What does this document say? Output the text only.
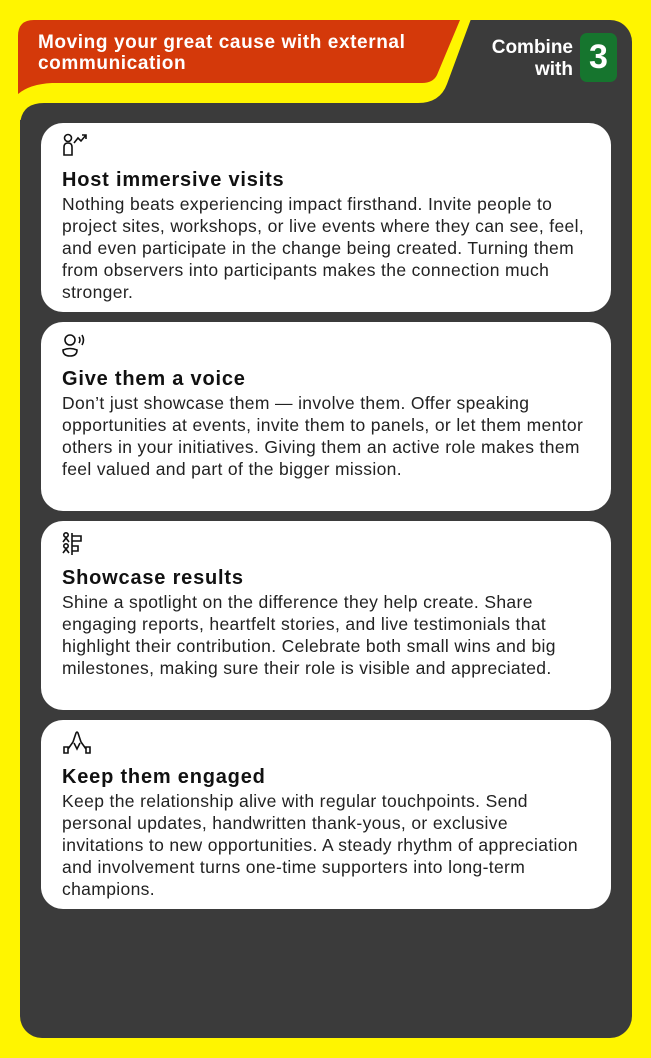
Moving your great cause with external communication
Combine
with 3
Host immersive visits
Nothing beats experiencing impact firsthand. Invite people to project sites, workshops, or live events where they can see, feel, and even participate in the change being created. Turning them from observers into participants makes the connection much stronger.
Give them a voice
Don’t just showcase them — involve them. Offer speaking opportunities at events, invite them to panels, or let them mentor others in your initiatives. Giving them an active role makes them feel valued and part of the bigger mission.
Showcase results
Shine a spotlight on the difference they help create. Share engaging reports, heartfelt stories, and live testimonials that highlight their contribution. Celebrate both small wins and big milestones, making sure their role is visible and appreciated.
Keep them engaged
Keep the relationship alive with regular touchpoints. Send personal updates, handwritten thank-yous, or exclusive invitations to new opportunities. A steady rhythm of appreciation and involvement turns one-time supporters into long-term champions.
